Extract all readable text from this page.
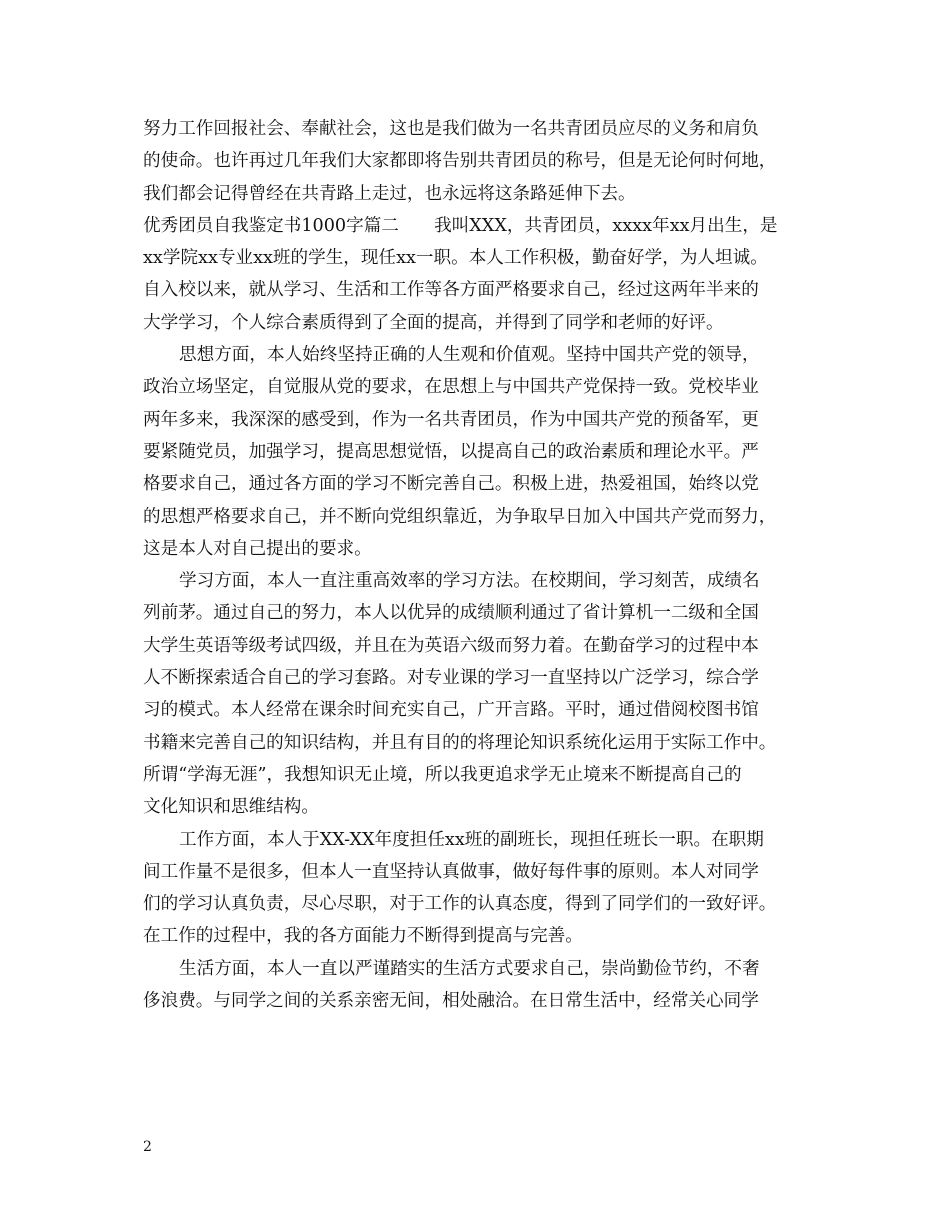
努力工作回报社会、奉献社会，这也是我们做为一名共青团员应尽的义务和肩负
的使命。也许再过几年我们大家都即将告别共青团员的称号，但是无论何时何地，
我们都会记得曾经在共青路上走过，也永远将这条路延伸下去。
优秀团员自我鉴定书1000字篇二　　我叫XXX，共青团员，xxxx年xx月出生，是
xx学院xx专业xx班的学生，现任xx一职。本人工作积极，勤奋好学，为人坦诚。
自入校以来，就从学习、生活和工作等各方面严格要求自己，经过这两年半来的
大学学习，个人综合素质得到了全面的提高，并得到了同学和老师的好评。
思想方面，本人始终坚持正确的人生观和价值观。坚持中国共产党的领导，
政治立场坚定，自觉服从党的要求，在思想上与中国共产党保持一致。党校毕业
两年多来，我深深的感受到，作为一名共青团员，作为中国共产党的预备军，更
要紧随党员，加强学习，提高思想觉悟，以提高自己的政治素质和理论水平。严
格要求自己，通过各方面的学习不断完善自己。积极上进，热爱祖国，始终以党
的思想严格要求自己，并不断向党组织靠近，为争取早日加入中国共产党而努力，
这是本人对自己提出的要求。
学习方面，本人一直注重高效率的学习方法。在校期间，学习刻苦，成绩名
列前茅。通过自己的努力，本人以优异的成绩顺利通过了省计算机一二级和全国
大学生英语等级考试四级，并且在为英语六级而努力着。在勤奋学习的过程中本
人不断探索适合自己的学习套路。对专业课的学习一直坚持以广泛学习，综合学
习的模式。本人经常在课余时间充实自己，广开言路。平时，通过借阅校图书馆
书籍来完善自己的知识结构，并且有目的的将理论知识系统化运用于实际工作中。
所谓“学海无涯”，我想知识无止境，所以我更追求学无止境来不断提高自己的
文化知识和思维结构。
工作方面，本人于XX-XX年度担任xx班的副班长，现担任班长一职。在职期
间工作量不是很多，但本人一直坚持认真做事，做好每件事的原则。本人对同学
们的学习认真负责，尽心尽职，对于工作的认真态度，得到了同学们的一致好评。
在工作的过程中，我的各方面能力不断得到提高与完善。
生活方面，本人一直以严谨踏实的生活方式要求自己，崇尚勤俭节约，不奢
侈浪费。与同学之间的关系亲密无间，相处融洽。在日常生活中，经常关心同学
2
